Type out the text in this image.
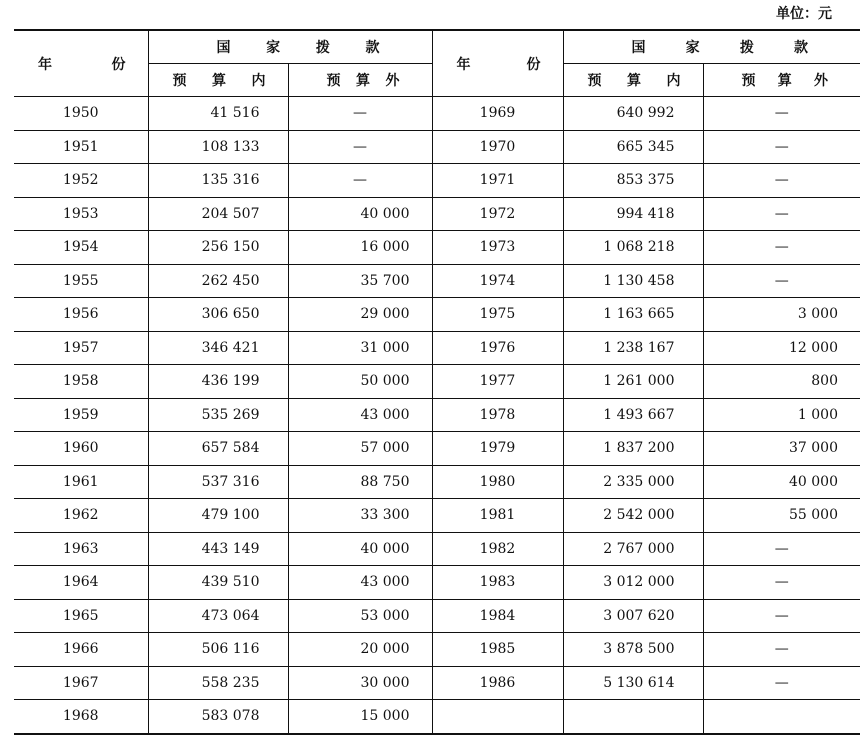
单位：元
年 份	国 家 拨 款		年 份	国 家 拨 款	

	预 算 内	预 算 外		预 算 内	预 算 外

1950	41 516	—	1969	640 992	—
1951	108 133	—	1970	665 345	—
1952	135 316	—	1971	853 375	—
1953	204 507	40 000	1972	994 418	—
1954	256 150	16 000	1973	1 068 218	—
1955	262 450	35 700	1974	1 130 458	—
1956	306 650	29 000	1975	1 163 665	3 000
1957	346 421	31 000	1976	1 238 167	12 000
1958	436 199	50 000	1977	1 261 000	800
1959	535 269	43 000	1978	1 493 667	1 000
1960	657 584	57 000	1979	1 837 200	37 000
1961	537 316	88 750	1980	2 335 000	40 000
1962	479 100	33 300	1981	2 542 000	55 000
1963	443 149	40 000	1982	2 767 000	—
1964	439 510	43 000	1983	3 012 000	—
1965	473 064	53 000	1984	3 007 620	—
1966	506 116	20 000	1985	3 878 500	—
1967	558 235	30 000	1986	5 130 614	—
1968	583 078	15 000			
